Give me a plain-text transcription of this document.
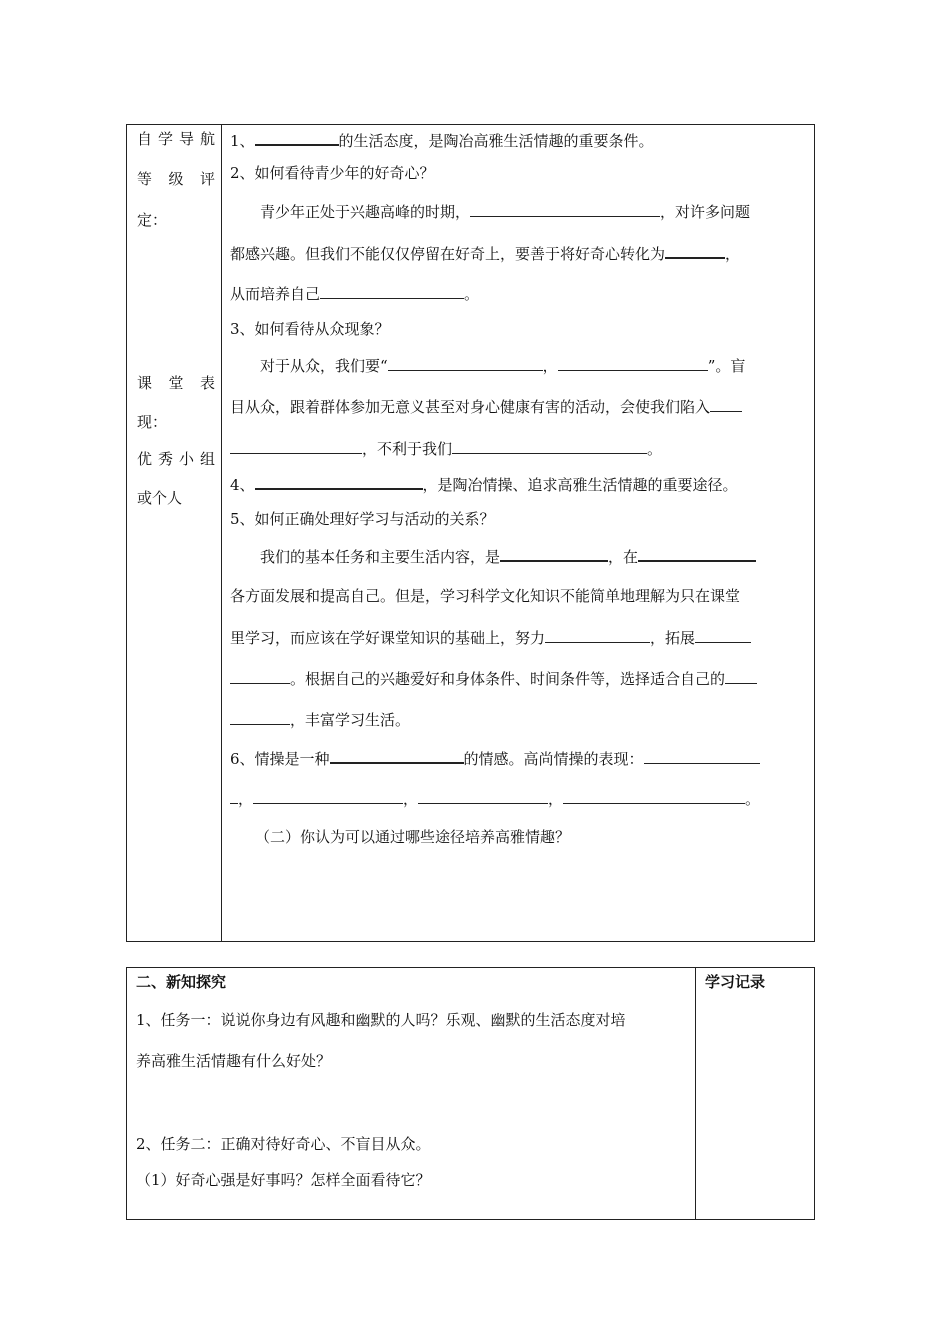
自学导航
等 级 评
定：
课 堂 表
现：
优秀小组
或个人
1、	的生活态度，是陶冶高雅生活情趣的重要条件。
2、如何看待青少年的好奇心？
青少年正处于兴趣高峰的时期，	，对许多问题
都感兴趣。但我们不能仅仅停留在好奇上，要善于将好奇心转化为	，
从而培养自己	。
3、如何看待从众现象？
对于从众，我们要“	，	”。盲
目从众，跟着群体参加无意义甚至对身心健康有害的活动，会使我们陷入
，不利于我们	。
4、	，是陶冶情操、追求高雅生活情趣的重要途径。
5、如何正确处理好学习与活动的关系？
我们的基本任务和主要生活内容，是	，在
各方面发展和提高自己。但是，学习科学文化知识不能简单地理解为只在课堂
里学习，而应该在学好课堂知识的基础上，努力	，拓展
。根据自己的兴趣爱好和身体条件、时间条件等，选择适合自己的
，丰富学习生活。
6、情操是一种	的情感。高尚情操的表现：
，	，	，	。
（二）你认为可以通过哪些途径培养高雅情趣？
二、新知探究
1、任务一：说说你身边有风趣和幽默的人吗？乐观、幽默的生活态度对培
养高雅生活情趣有什么好处？
2、任务二：正确对待好奇心、不盲目从众。
（1）好奇心强是好事吗？怎样全面看待它？
学习记录
